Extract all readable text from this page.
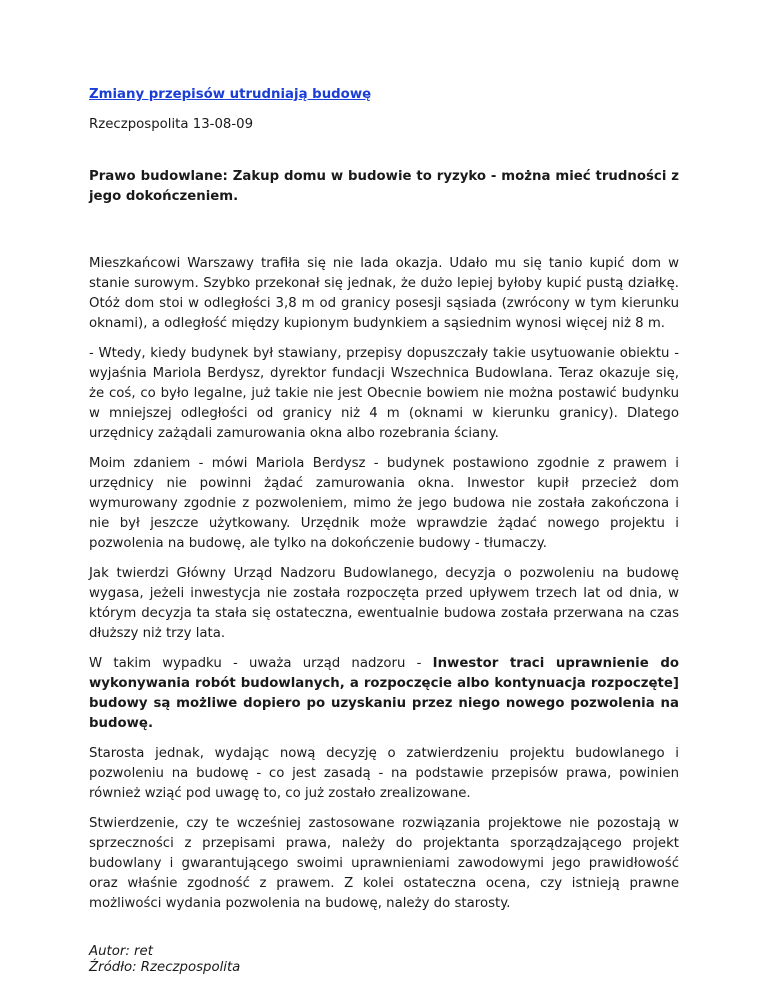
Zmiany przepisów utrudniają budowę

Rzeczpospolita 13-08-09

Prawo budowlane: Zakup domu w budowie to ryzyko - można mieć trudności z jego dokończeniem.

Mieszkańcowi Warszawy trafiła się nie lada okazja. Udało mu się tanio kupić dom w stanie surowym. Szybko przekonał się jednak, że dużo lepiej byłoby kupić pustą działkę. Otóż dom stoi w odległości 3,8 m od granicy posesji sąsiada (zwrócony w tym kierunku oknami), a odległość między kupionym budynkiem a sąsiednim wynosi więcej niż 8 m.

- Wtedy, kiedy budynek był stawiany, przepisy dopuszczały takie usytuowanie obiektu - wyjaśnia Mariola Berdysz, dyrektor fundacji Wszechnica Budowlana. Teraz okazuje się, że coś, co było legalne, już takie nie jest Obecnie bowiem nie można postawić budynku w mniejszej odległości od granicy niż 4 m (oknami w kierunku granicy). Dlatego urzędnicy zażądali zamurowania okna albo rozebrania ściany.

Moim zdaniem - mówi Mariola Berdysz - budynek postawiono zgodnie z prawem i urzędnicy nie powinni żądać zamurowania okna. Inwestor kupił przecież dom wymurowany zgodnie z pozwoleniem, mimo że jego budowa nie została zakończona i nie był jeszcze użytkowany. Urzędnik może wprawdzie żądać nowego projektu i pozwolenia na budowę, ale tylko na dokończenie budowy - tłumaczy.

Jak twierdzi Główny Urząd Nadzoru Budowlanego, decyzja o pozwoleniu na budowę wygasa, jeżeli inwestycja nie została rozpoczęta przed upływem trzech lat od dnia, w którym decyzja ta stała się ostateczna, ewentualnie budowa została przerwana na czas dłuższy niż trzy lata.

W takim wypadku - uważa urząd nadzoru - Inwestor traci uprawnienie do wykonywania robót budowlanych, a rozpoczęcie albo kontynuacja rozpoczęte] budowy są możliwe dopiero po uzyskaniu przez niego nowego pozwolenia na budowę.

Starosta jednak, wydając nową decyzję o zatwierdzeniu projektu budowlanego i pozwoleniu na budowę - co jest zasadą - na podstawie przepisów prawa, powinien również wziąć pod uwagę to, co już zostało zrealizowane.

Stwierdzenie, czy te wcześniej zastosowane rozwiązania projektowe nie pozostają w sprzeczności z przepisami prawa, należy do projektanta sporządzającego projekt budowlany i gwarantującego swoimi uprawnieniami zawodowymi jego prawidłowość oraz właśnie zgodność z prawem. Z kolei ostateczna ocena, czy istnieją prawne możliwości wydania pozwolenia na budowę, należy do starosty.

Autor: ret
Źródło: Rzeczpospolita
